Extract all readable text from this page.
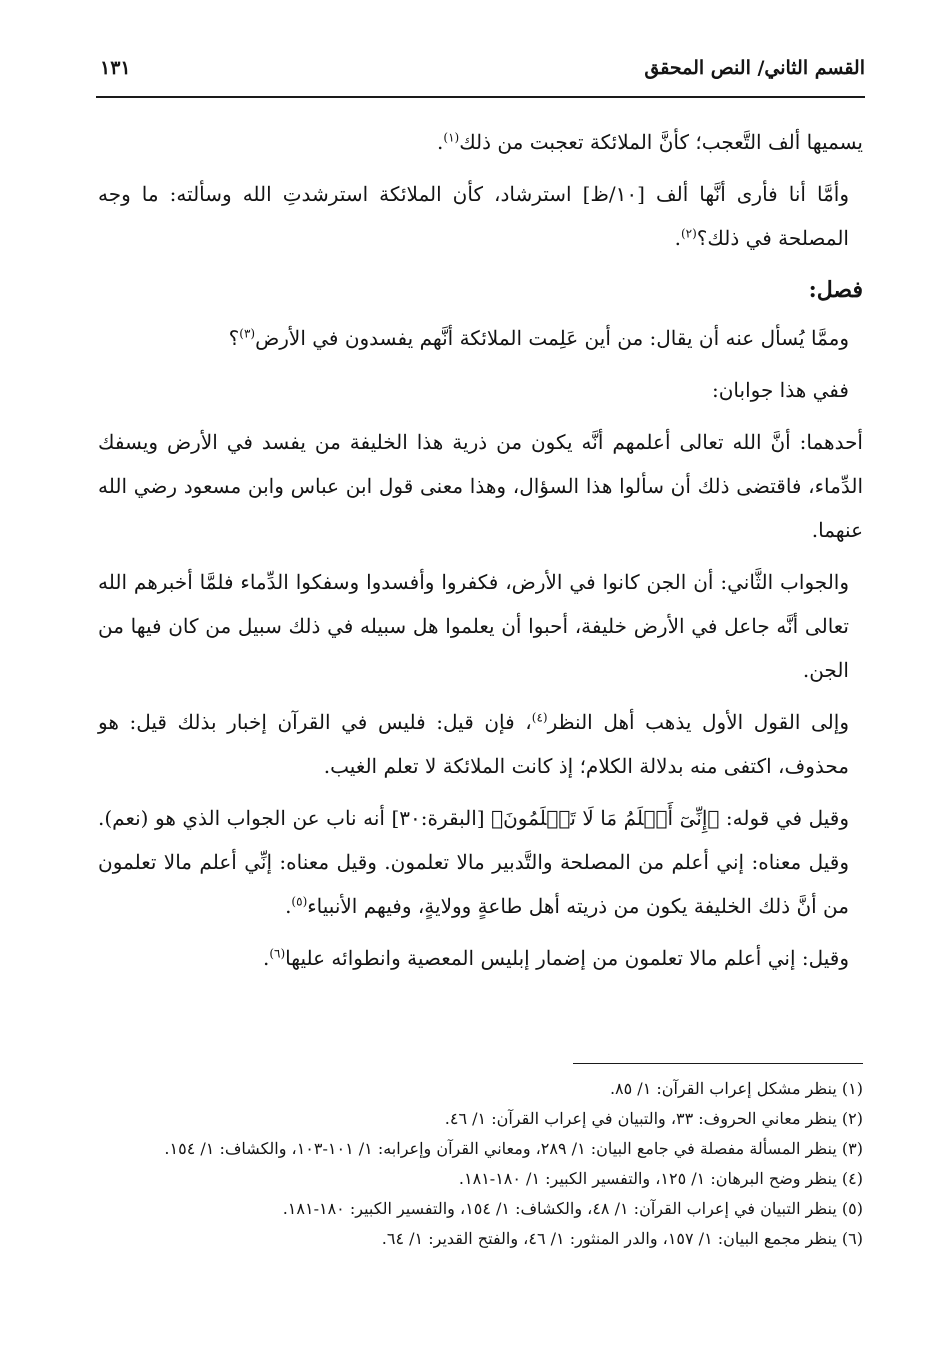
القسم الثاني/ النص المحقق
١٣١

يسميها ألف التَّعجب؛ كأنَّ الملائكة تعجبت من ذلك$^{(١)}$.

وأمَّا أنا فأرى أنَّها ألف [١٠/ظ] استرشاد، كأن الملائكة استرشدتِ الله وسألته: ما وجه المصلحة في ذلك؟$^{(٢)}$.

فصل:

وممَّا يُسأل عنه أن يقال: من أين عَلِمت الملائكة أنَّهم يفسدون في الأرض$^{(٣)}$؟

ففي هذا جوابان:

أحدهما: أنَّ الله تعالى أعلمهم أنَّه يكون من ذرية هذا الخليفة من يفسد في الأرض ويسفك الدِّماء، فاقتضى ذلك أن سألوا هذا السؤال، وهذا معنى قول ابن عباس وابن مسعود رضي الله عنهما.

والجواب الثَّاني: أن الجن كانوا في الأرض، فكفروا وأفسدوا وسفكوا الدِّماء فلمَّا أخبرهم الله تعالى أنَّه جاعل في الأرض خليفة، أحبوا أن يعلموا هل سبيله في ذلك سبيل من كان فيها من الجن.

وإلى القول الأول يذهب أهل النظر$^{(٤)}$، فإن قيل: فليس في القرآن إخبار بذلك قيل: هو محذوف، اكتفى منه بدلالة الكلام؛ إذ كانت الملائكة لا تعلم الغيب.

وقيل في قوله: ﴿إِنِّىٓ أَعۡلَمُ مَا لَا تَعۡلَمُونَ﴾ [البقرة:٣٠] أنه ناب عن الجواب الذي هو (نعم). وقيل معناه: إني أعلم من المصلحة والتَّدبير مالا تعلمون. وقيل معناه: إنِّي أعلم مالا تعلمون من أنَّ ذلك الخليفة يكون من ذريته أهل طاعةٍ وولايةٍ، وفيهم الأنبياء$^{(٥)}$.

وقيل: إني أعلم مالا تعلمون من إضمار إبليس المعصية وانطوائه عليها$^{(٦)}$.

(١) ينظر مشكل إعراب القرآن: ١/ ٨٥.

(٢) ينظر معاني الحروف: ٣٣، والتبيان في إعراب القرآن: ١/ ٤٦.

(٣) ينظر المسألة مفصلة في جامع البيان: ١/ ٢٨٩، ومعاني القرآن وإعرابه: ١/ ١٠١-١٠٣، والكشاف: ١/ ١٥٤.

(٤) ينظر وضح البرهان: ١/ ١٢٥، والتفسير الكبير: ١/ ١٨٠-١٨١.

(٥) ينظر التبيان في إعراب القرآن: ١/ ٤٨، والكشاف: ١/ ١٥٤، والتفسير الكبير: ١٨٠-١٨١.

(٦) ينظر مجمع البيان: ١/ ١٥٧، والدر المنثور: ١/ ٤٦، والفتح القدير: ١/ ٦٤.
